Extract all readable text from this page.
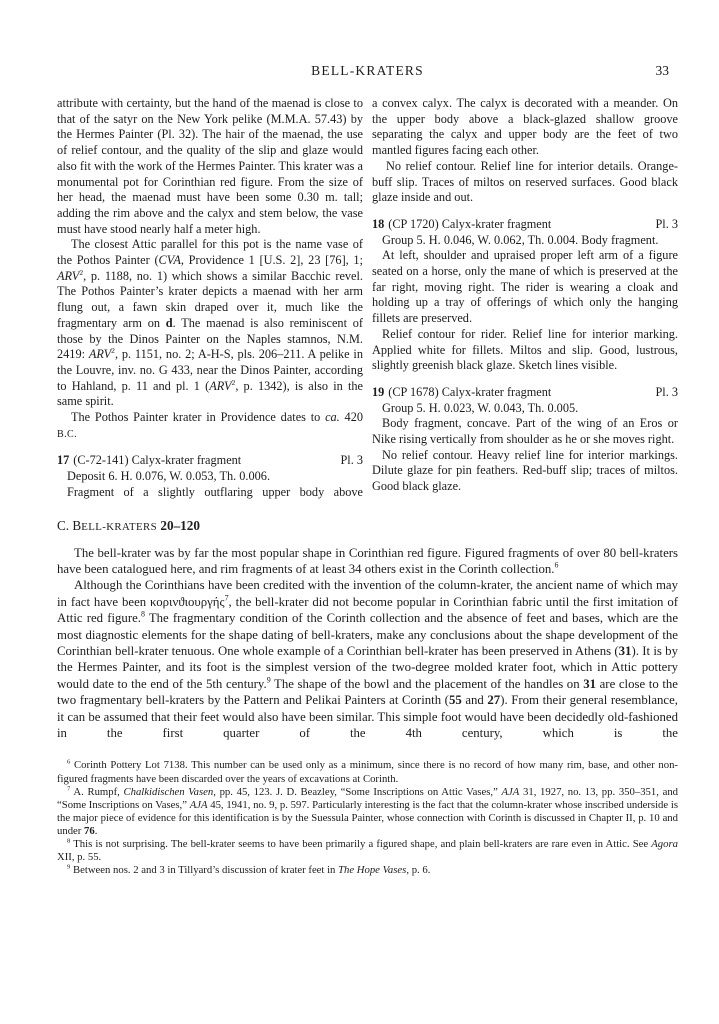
BELL-KRATERS	33

attribute with certainty, but the hand of the maenad is close to that of the satyr on the New York pelike (M.M.A. 57.43) by the Hermes Painter (Pl. 32). The hair of the maenad, the use of relief contour, and the quality of the slip and glaze would also fit with the work of the Hermes Painter. This krater was a monumental pot for Corinthian red figure. From the size of her head, the maenad must have been some 0.30 m. tall; adding the rim above and the calyx and stem below, the vase must have stood nearly half a meter high.

The closest Attic parallel for this pot is the name vase of the Pothos Painter (CVA, Providence 1 [U.S. 2], 23 [76], 1; ARV$^2$, p. 1188, no. 1) which shows a similar Bacchic revel. The Pothos Painter’s krater depicts a maenad with her arm flung out, a fawn skin draped over it, much like the fragmentary arm on d. The maenad is also reminiscent of those by the Dinos Painter on the Naples stamnos, N.M. 2419: ARV$^2$, p. 1151, no. 2; A-H-S, pls. 206–211. A pelike in the Louvre, inv. no. G 433, near the Dinos Painter, according to Hahland, p. 11 and pl. 1 (ARV$^2$, p. 1342), is also in the same spirit.

The Pothos Painter krater in Providence dates to ca. 420 B.C.

17 (C-72-141) Calyx-krater fragment	Pl. 3

Deposit 6. H. 0.076, W. 0.053, Th. 0.006.

Fragment of a slightly outflaring upper body above

a convex calyx. The calyx is decorated with a meander. On the upper body above a black-glazed shallow groove separating the calyx and upper body are the feet of two mantled figures facing each other.

No relief contour. Relief line for interior details. Orange-buff slip. Traces of miltos on reserved surfaces. Good black glaze inside and out.

18 (CP 1720) Calyx-krater fragment	Pl. 3

Group 5. H. 0.046, W. 0.062, Th. 0.004. Body fragment.

At left, shoulder and upraised proper left arm of a figure seated on a horse, only the mane of which is preserved at the far right, moving right. The rider is wearing a cloak and holding up a tray of offerings of which only the hanging fillets are preserved.

Relief contour for rider. Relief line for interior marking. Applied white for fillets. Miltos and slip. Good, lustrous, slightly greenish black glaze. Sketch lines visible.

19 (CP 1678) Calyx-krater fragment	Pl. 3

Group 5. H. 0.023, W. 0.043, Th. 0.005.

Body fragment, concave. Part of the wing of an Eros or Nike rising vertically from shoulder as he or she moves right.

No relief contour. Heavy relief line for interior markings. Dilute glaze for pin feathers. Red-buff slip; traces of miltos. Good black glaze.

C. BELL-KRATERS 20–120

The bell-krater was by far the most popular shape in Corinthian red figure. Figured fragments of over 80 bell-kraters have been catalogued here, and rim fragments of at least 34 others exist in the Corinth collection.$^6$

Although the Corinthians have been credited with the invention of the column-krater, the ancient name of which may in fact have been κορινϑιουργής$^7$, the bell-krater did not become popular in Corinthian fabric until the first imitation of Attic red figure.$^8$ The fragmentary condition of the Corinth collection and the absence of feet and bases, which are the most diagnostic elements for the shape dating of bell-kraters, make any conclusions about the shape development of the Corinthian bell-krater tenuous. One whole example of a Corinthian bell-krater has been preserved in Athens (31). It is by the Hermes Painter, and its foot is the simplest version of the two-degree molded krater foot, which in Attic pottery would date to the end of the 5th century.$^9$ The shape of the bowl and the placement of the handles on 31 are close to the two fragmentary bell-kraters by the Pattern and Pelikai Painters at Corinth (55 and 27). From their general resemblance, it can be assumed that their feet would also have been similar. This simple foot would have been decidedly old-fashioned in the first quarter of the 4th century, which is the

$^6$ Corinth Pottery Lot 7138. This number can be used only as a minimum, since there is no record of how many rim, base, and other non-figured fragments have been discarded over the years of excavations at Corinth.

$^7$ A. Rumpf, Chalkidischen Vasen, pp. 45, 123. J. D. Beazley, “Some Inscriptions on Attic Vases,” AJA 31, 1927, no. 13, pp. 350–351, and “Some Inscriptions on Vases,” AJA 45, 1941, no. 9, p. 597. Particularly interesting is the fact that the column-krater whose inscribed underside is the major piece of evidence for this identification is by the Suessula Painter, whose connection with Corinth is discussed in Chapter II, p. 10 and under 76.

$^8$ This is not surprising. The bell-krater seems to have been primarily a figured shape, and plain bell-kraters are rare even in Attic. See Agora XII, p. 55.

$^9$ Between nos. 2 and 3 in Tillyard’s discussion of krater feet in The Hope Vases, p. 6.
